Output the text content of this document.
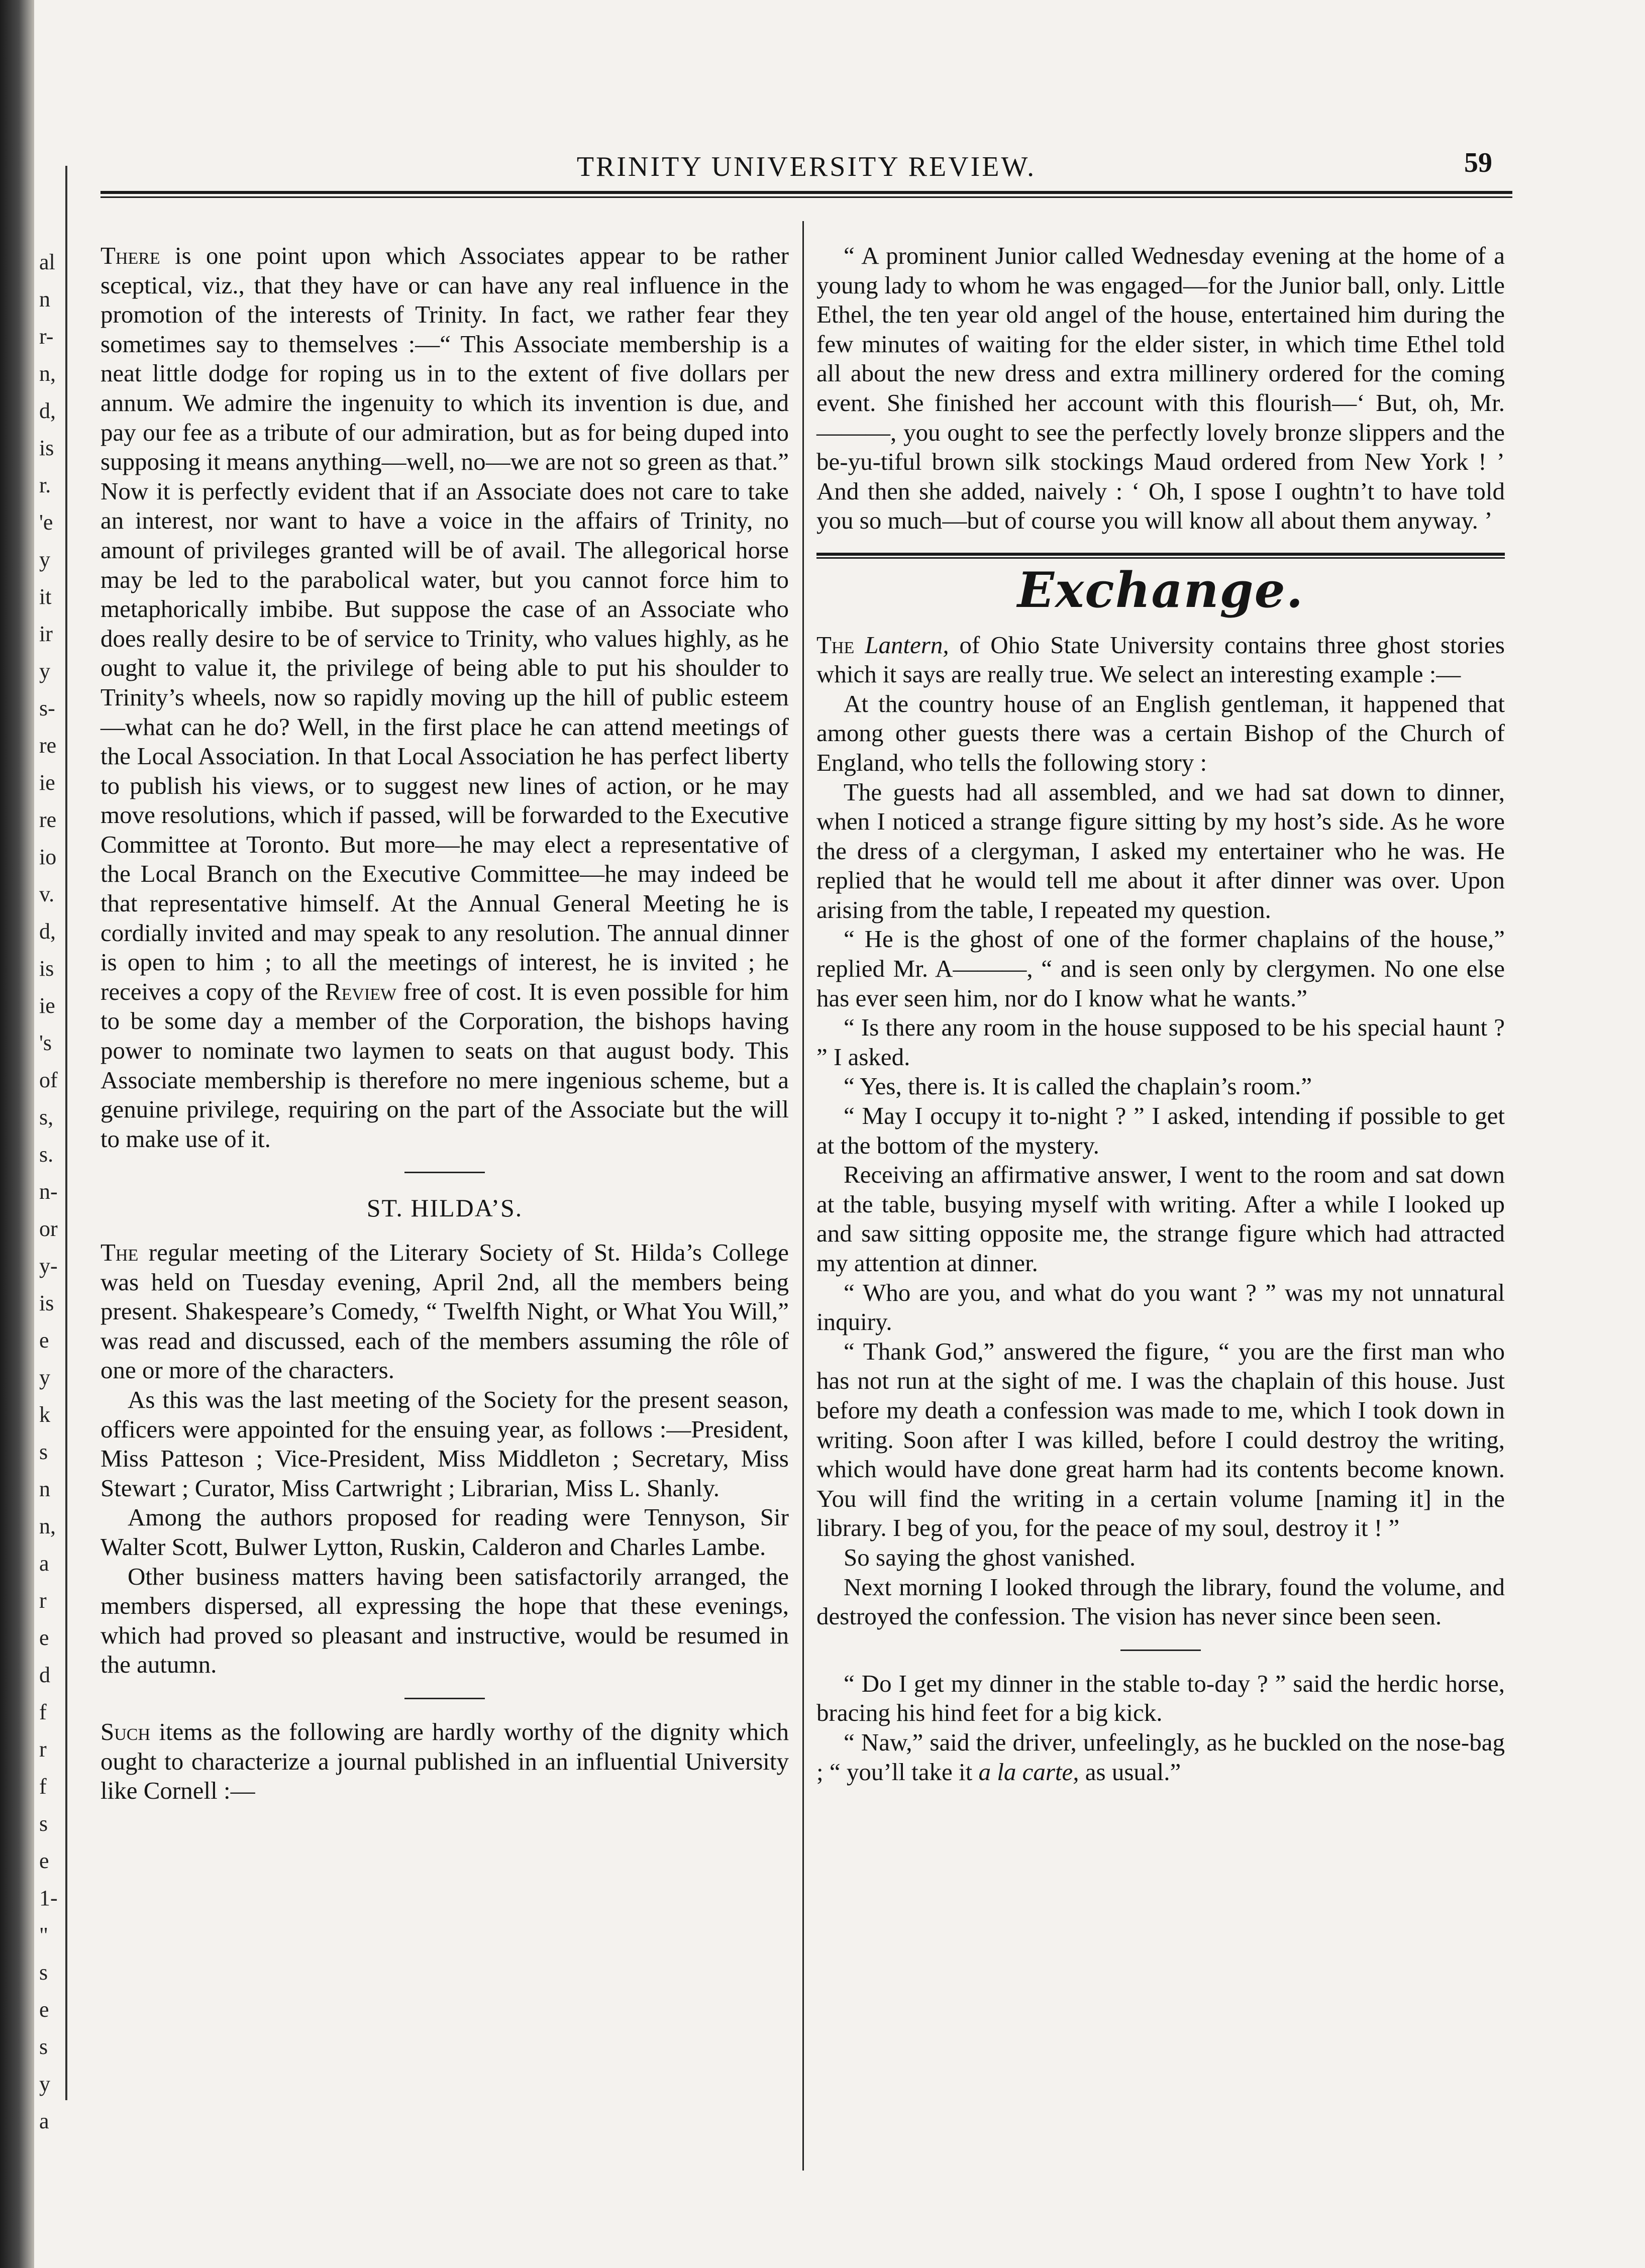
al
n
r-
n,
d,
is
r.
'e
y
it
ir
y
s-
re
ie
re
io
v.
d,
is
ie
's
of
s,
s.
n-
or
y-
is
e
y
k
s
n
n,
a
r
e
d
f
r
f
s
e
1-
"
s
e
s
y
a
TRINITY UNIVERSITY REVIEW.	59

There is one point upon which Associates appear to be rather sceptical, viz., that they have or can have any real influence in the promotion of the interests of Trinity. In fact, we rather fear they sometimes say to themselves :—“ This Associate membership is a neat little dodge for roping us in to the extent of five dollars per annum. We admire the ingenuity to which its invention is due, and pay our fee as a tribute of our admiration, but as for being duped into supposing it means anything—well, no—we are not so green as that.” Now it is perfectly evident that if an Associate does not care to take an interest, nor want to have a voice in the affairs of Trinity, no amount of privileges granted will be of avail. The allegorical horse may be led to the parabolical water, but you cannot force him to metaphorically imbibe. But suppose the case of an Associate who does really desire to be of service to Trinity, who values highly, as he ought to value it, the privilege of being able to put his shoulder to Trinity’s wheels, now so rapidly moving up the hill of public esteem—what can he do? Well, in the first place he can attend meetings of the Local Association. In that Local Association he has perfect liberty to publish his views, or to suggest new lines of action, or he may move resolutions, which if passed, will be forwarded to the Executive Committee at Toronto. But more—he may elect a representative of the Local Branch on the Executive Committee—he may indeed be that representative himself. At the Annual General Meeting he is cordially invited and may speak to any resolution. The annual dinner is open to him ; to all the meetings of interest, he is invited ; he receives a copy of the Review free of cost. It is even possible for him to be some day a member of the Corporation, the bishops having power to nominate two laymen to seats on that august body. This Associate membership is therefore no mere ingenious scheme, but a genuine privilege, requiring on the part of the Associate but the will to make use of it.

ST. HILDA’S.

The regular meeting of the Literary Society of St. Hilda’s College was held on Tuesday evening, April 2nd, all the members being present. Shakespeare’s Comedy, “ Twelfth Night, or What You Will,” was read and discussed, each of the members assuming the rôle of one or more of the characters.

As this was the last meeting of the Society for the present season, officers were appointed for the ensuing year, as follows :—President, Miss Patteson ; Vice-President, Miss Middleton ; Secretary, Miss Stewart ; Curator, Miss Cartwright ; Librarian, Miss L. Shanly.

Among the authors proposed for reading were Tennyson, Sir Walter Scott, Bulwer Lytton, Ruskin, Calderon and Charles Lambe.

Other business matters having been satisfactorily arranged, the members dispersed, all expressing the hope that these evenings, which had proved so pleasant and instructive, would be resumed in the autumn.

Such items as the following are hardly worthy of the dignity which ought to characterize a journal published in an influential University like Cornell :—

“ A prominent Junior called Wednesday evening at the home of a young lady to whom he was engaged—for the Junior ball, only. Little Ethel, the ten year old angel of the house, entertained him during the few minutes of waiting for the elder sister, in which time Ethel told all about the new dress and extra millinery ordered for the coming event. She finished her account with this flourish—‘ But, oh, Mr.———, you ought to see the perfectly lovely bronze slippers and the be-yu-tiful brown silk stockings Maud ordered from New York ! ’ And then she added, naively : ‘ Oh, I spose I oughtn’t to have told you so much—but of course you will know all about them anyway. ’

Exchange.

The Lantern, of Ohio State University contains three ghost stories which it says are really true. We select an interesting example :—

At the country house of an English gentleman, it happened that among other guests there was a certain Bishop of the Church of England, who tells the following story :

The guests had all assembled, and we had sat down to dinner, when I noticed a strange figure sitting by my host’s side. As he wore the dress of a clergyman, I asked my entertainer who he was. He replied that he would tell me about it after dinner was over. Upon arising from the table, I repeated my question.

“ He is the ghost of one of the former chaplains of the house,” replied Mr. A———, “ and is seen only by clergymen. No one else has ever seen him, nor do I know what he wants.”

“ Is there any room in the house supposed to be his special haunt ? ” I asked.

“ Yes, there is. It is called the chaplain’s room.”

“ May I occupy it to-night ? ” I asked, intending if possible to get at the bottom of the mystery.

Receiving an affirmative answer, I went to the room and sat down at the table, busying myself with writing. After a while I looked up and saw sitting opposite me, the strange figure which had attracted my attention at dinner.

“ Who are you, and what do you want ? ” was my not unnatural inquiry.

“ Thank God,” answered the figure, “ you are the first man who has not run at the sight of me. I was the chaplain of this house. Just before my death a confession was made to me, which I took down in writing. Soon after I was killed, before I could destroy the writing, which would have done great harm had its contents become known. You will find the writing in a certain volume [naming it] in the library. I beg of you, for the peace of my soul, destroy it ! ”

So saying the ghost vanished.

Next morning I looked through the library, found the volume, and destroyed the confession. The vision has never since been seen.

“ Do I get my dinner in the stable to-day ? ” said the herdic horse, bracing his hind feet for a big kick.

“ Naw,” said the driver, unfeelingly, as he buckled on the nose-bag ; “ you’ll take it a la carte, as usual.”
